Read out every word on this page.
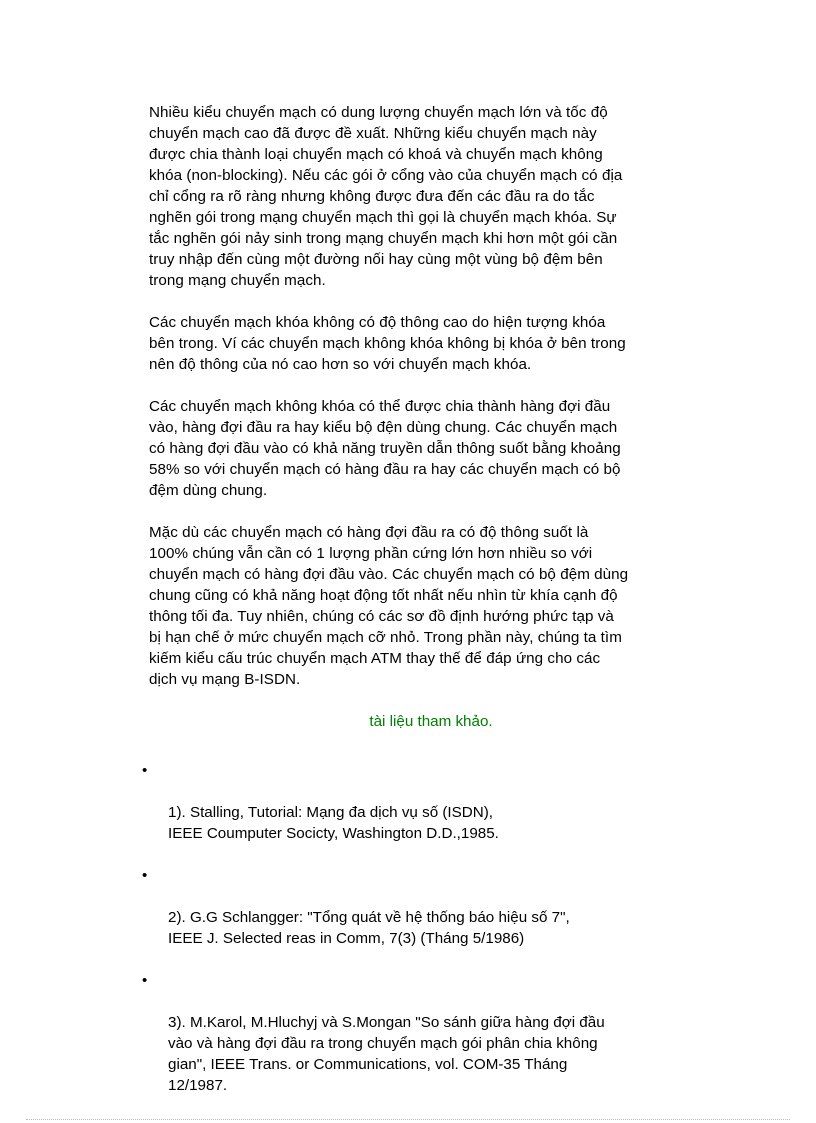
Nhiều kiểu chuyển mạch có dung lượng chuyển mạch lớn và tốc độ
chuyển mạch cao đã được đề xuất. Những kiểu chuyển mạch này
được chia thành loại chuyển mạch có khoá và chuyển mạch không
khóa (non-blocking). Nếu các gói ở cổng vào của chuyển mạch có địa
chỉ cổng ra rõ ràng nhưng không được đưa đến các đầu ra do tắc
nghẽn gói trong mạng chuyển mạch thì gọi là chuyển mạch khóa. Sự
tắc nghẽn gói nảy sinh trong mạng chuyển mạch khi hơn một gói cần
truy nhập đến cùng một đường nối hay cùng một vùng bộ đệm bên
trong mạng chuyển mạch.

Các chuyển mạch khóa không có độ thông cao do hiện tượng khóa
bên trong. Ví các chuyển mạch không khóa không bị khóa ở bên trong
nên độ thông của nó cao hơn so với chuyển mạch khóa.

Các chuyển mạch không khóa có thể được chia thành hàng đợi đầu
vào, hàng đợi đầu ra hay kiểu bộ đện dùng chung. Các chuyển mạch
có hàng đợi đầu vào có khả năng truyền dẫn thông suốt bằng khoảng
58% so với chuyển mạch có hàng đầu ra hay các chuyển mạch có bộ
đệm dùng chung.

Mặc dù các chuyển mạch có hàng đợi đầu ra có độ thông suốt là
100% chúng vẫn cần có 1 lượng phần cứng lớn hơn nhiều so với
chuyển mạch có hàng đợi đầu vào. Các chuyển mạch có bộ đệm dùng
chung cũng có khả năng hoạt động tốt nhất nếu nhìn từ khía cạnh độ
thông tối đa. Tuy nhiên, chúng có các sơ đồ định hướng phức tạp và
bị hạn chế ở mức chuyển mạch cỡ nhỏ. Trong phần này, chúng ta tìm
kiếm kiểu cấu trúc chuyển mạch ATM thay thế để đáp ứng cho các
dịch vụ mạng B-ISDN.

tài liệu tham khảo.

•

1). Stalling, Tutorial: Mạng đa dịch vụ số (ISDN),
IEEE Coumputer Socicty, Washington D.D.,1985.

•

2). G.G Schlangger: "Tổng quát về hệ thống báo hiệu số 7",
IEEE J. Selected reas in Comm, 7(3) (Tháng 5/1986)

•

3). M.Karol, M.Hluchyj và S.Mongan "So sánh giữa hàng đợi đầu
vào và hàng đợi đầu ra trong chuyển mạch gói phân chia không
gian", IEEE Trans. or Communications, vol. COM-35 Tháng
12/1987.
